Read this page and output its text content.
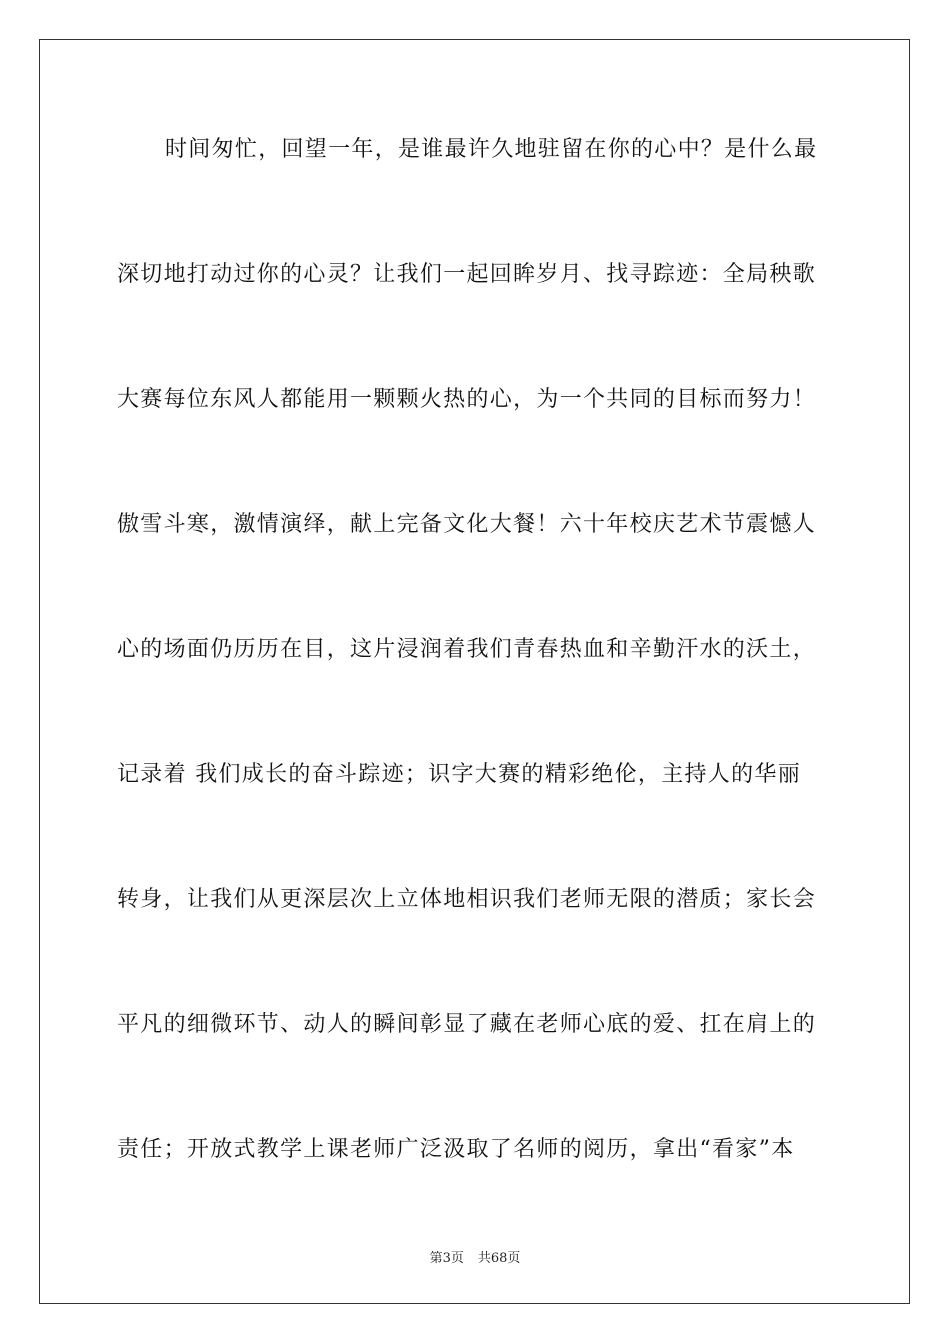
时间匆忙，回望一年，是谁最许久地驻留在你的心中？是什么最
深切地打动过你的心灵？让我们一起回眸岁月、找寻踪迹：全局秧歌
大赛每位东风人都能用一颗颗火热的心，为一个共同的目标而努力！
傲雪斗寒，激情演绎，献上完备文化大餐！六十年校庆艺术节震憾人
心的场面仍历历在目，这片浸润着我们青春热血和辛勤汗水的沃土，
记录着 我们成长的奋斗踪迹；识字大赛的精彩绝伦，主持人的华丽
转身，让我们从更深层次上立体地相识我们老师无限的潜质；家长会
平凡的细微环节、动人的瞬间彰显了藏在老师心底的爱、扛在肩上的
责任；开放式教学上课老师广泛汲取了名师的阅历，拿出“看家”本
第3页 共68页
